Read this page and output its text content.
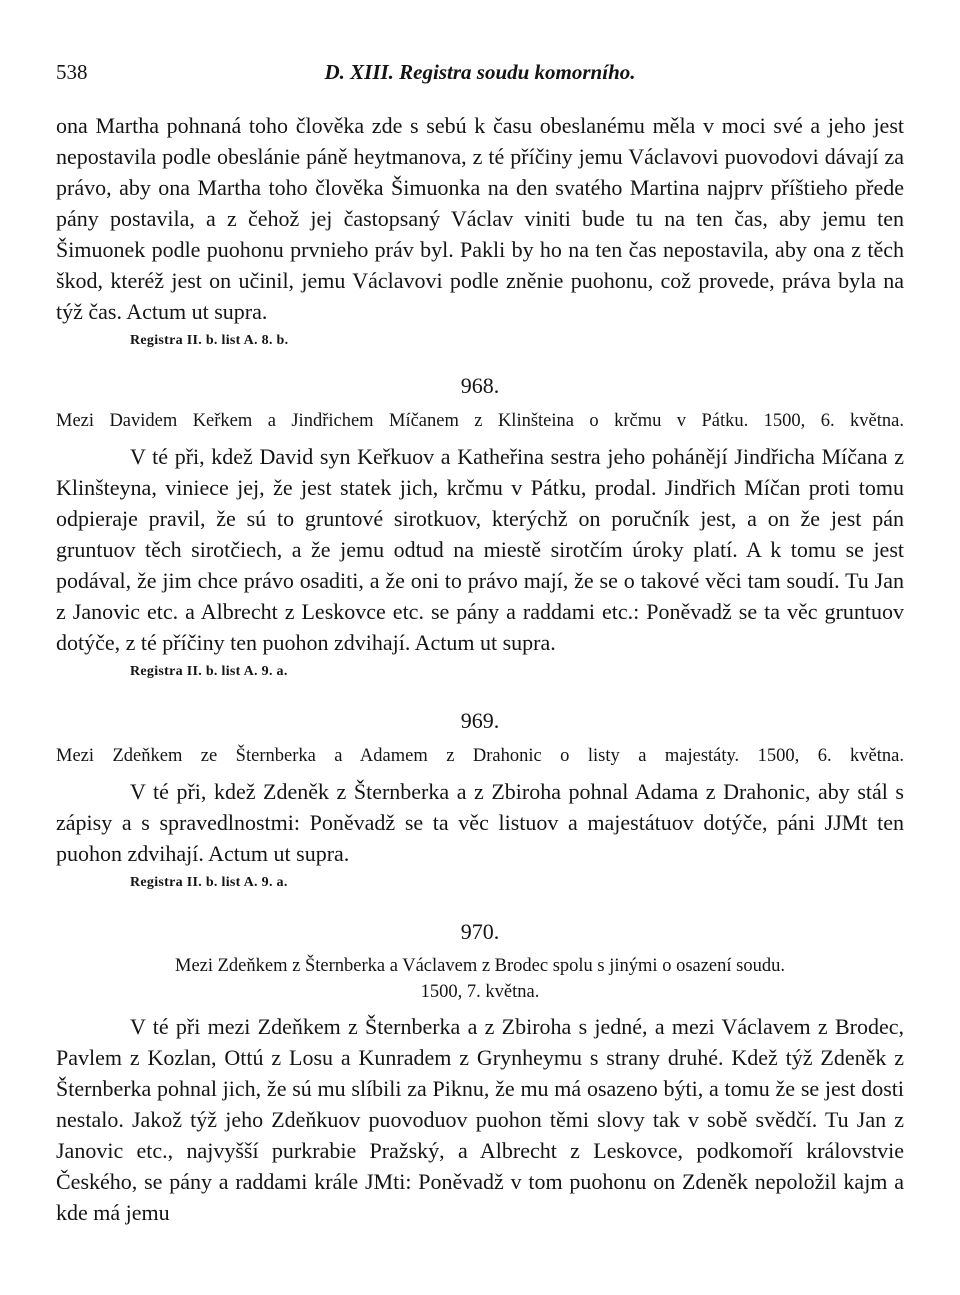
538	D. XIII. Registra soudu komorního.

ona Martha pohnaná toho člověka zde s sebú k času obeslanému měla v moci své a jeho jest nepostavila podle obeslánie páně heytmanova, z té příčiny jemu Václavovi puovodovi dávají za právo, aby ona Martha toho člověka Šimuonka na den svatého Martina najprv příštieho přede pány postavila, a z čehož jej častopsaný Václav viniti bude tu na ten čas, aby jemu ten Šimuonek podle puohonu prvnieho práv byl. Pakli by ho na ten čas nepostavila, aby ona z těch škod, kteréž jest on učinil, jemu Václavovi podle zněnie puohonu, což provede, práva byla na týž čas. Actum ut supra.

Registra II. b. list A. 8. b.
968.

Mezi Davidem Keřkem a Jindřichem Míčanem z Klinšteina o krčmu v Pátku. 1500, 6. května.

V té při, kdež David syn Keřkuov a Katheřina sestra jeho pohánějí Jindřicha Míčana z Klinšteyna, viniece jej, že jest statek jich, krčmu v Pátku, prodal. Jindřich Míčan proti tomu odpieraje pravil, že sú to gruntové sirotkuov, kterýchž on poručník jest, a on že jest pán gruntuov těch sirotčiech, a že jemu odtud na miestě sirotčím úroky platí. A k tomu se jest podával, že jim chce právo osaditi, a že oni to právo mají, že se o takové věci tam soudí. Tu Jan z Janovic etc. a Albrecht z Leskovce etc. se pány a raddami etc.: Poněvadž se ta věc gruntuov dotýče, z té příčiny ten puohon zdvihají. Actum ut supra.

Registra II. b. list A. 9. a.
969.

Mezi Zdeňkem ze Šternberka a Adamem z Drahonic o listy a majestáty. 1500, 6. května.

V té při, kdež Zdeněk z Šternberka a z Zbiroha pohnal Adama z Drahonic, aby stál s zápisy a s spravedlnostmi: Poněvadž se ta věc listuov a majestátuov dotýče, páni JJMt ten puohon zdvihají. Actum ut supra.

Registra II. b. list A. 9. a.
970.

Mezi Zdeňkem z Šternberka a Václavem z Brodec spolu s jinými o osazení soudu.

1500, 7. května.

V té při mezi Zdeňkem z Šternberka a z Zbiroha s jedné, a mezi Václavem z Brodec, Pavlem z Kozlan, Ottú z Losu a Kunradem z Grynheymu s strany druhé. Kdež týž Zdeněk z Šternberka pohnal jich, že sú mu slíbili za Piknu, že mu má osazeno býti, a tomu že se jest dosti nestalo. Jakož týž jeho Zdeňkuov puovoduov puohon těmi slovy tak v sobě svědčí. Tu Jan z Janovic etc., najvyšší purkrabie Pražský, a Albrecht z Leskovce, podkomoří královstvie Českého, se pány a raddami krále JMti: Poněvadž v tom puohonu on Zdeněk nepoložil kajm a kde má jemu
